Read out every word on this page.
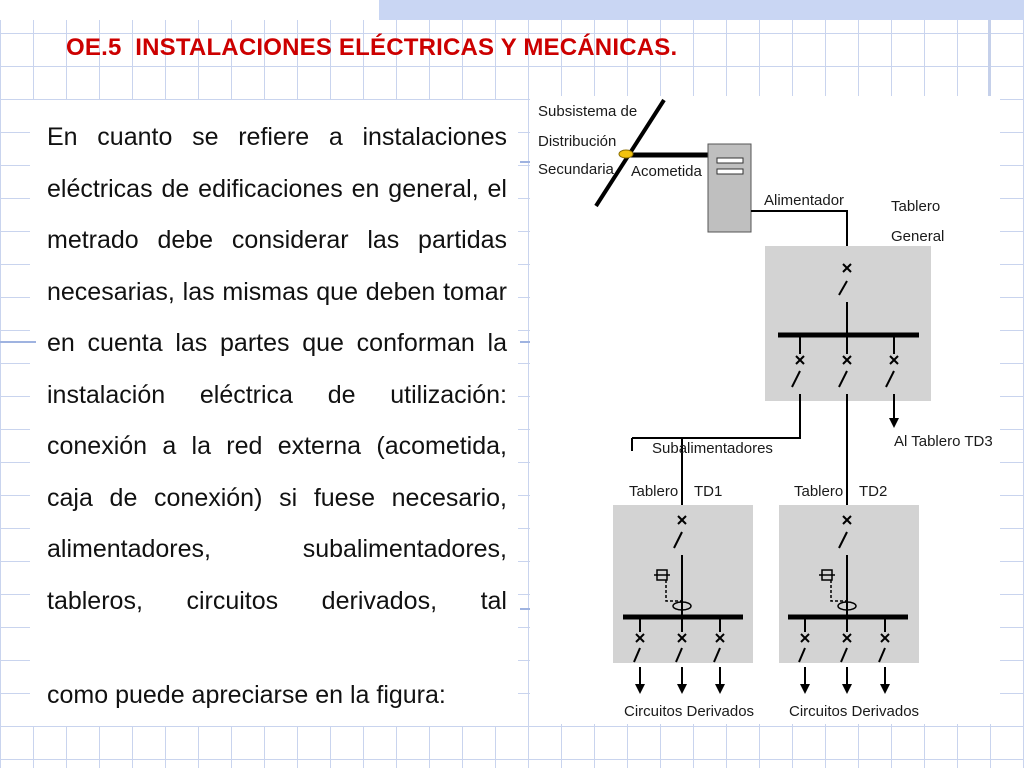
OE.5  INSTALACIONES ELÉCTRICAS Y MECÁNICAS.

En cuanto se refiere a instalaciones eléctricas de edificaciones en general, el metrado debe considerar las partidas necesarias, las mismas que deben tomar en cuenta las partes que conforman la instalación eléctrica de utilización: conexión a la red externa (acometida, caja de conexión) si fuese necesario, alimentadores, subalimentadores, tableros, circuitos derivados, tal

como puede apreciarse en la figura:
Subsistema de
Distribución
Secundaria Acometida
Alimentador	Tablero
General
Subalimentadores	Al Tablero TD3
Tablero TD1	Tablero TD2
Circuitos Derivados Circuitos Derivados
